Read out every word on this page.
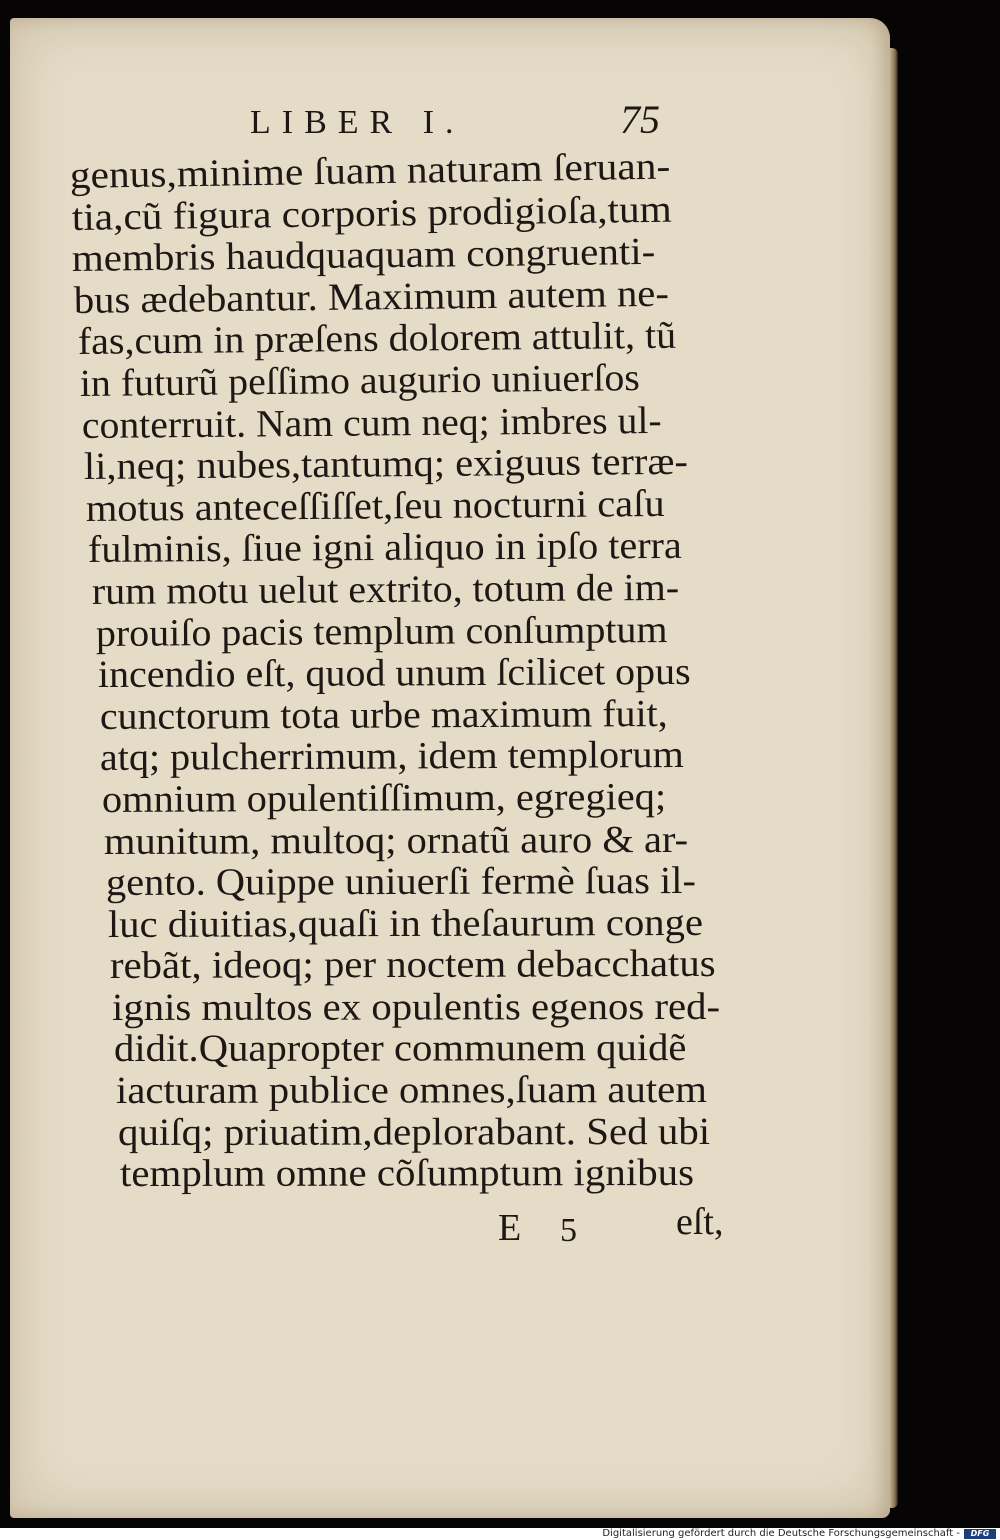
LIBER I.	75
genus,minime ſuam naturam ſeruan-
tia,cũ figura corporis prodigioſa,tum
membris haudquaquam congruenti-
bus ædebantur. Maximum autem ne-
fas,cum in præſens dolorem attulit, tũ
in futurũ peſſimo augurio uniuerſos
conterruit. Nam cum neq; imbres ul-
li,neq; nubes,tantumq; exiguus terræ-
motus anteceſſiſſet,ſeu nocturni caſu
fulminis, ſiue igni aliquo in ipſo terra
rum motu uelut extrito, totum de im-
prouiſo pacis templum conſumptum
incendio eſt, quod unum ſcilicet opus
cunctorum tota urbe maximum fuit,
atq; pulcherrimum, idem templorum
omnium opulentiſſimum, egregieq;
munitum, multoq; ornatũ auro & ar-
gento. Quippe uniuerſi fermè ſuas il-
luc diuitias,quaſi in theſaurum conge
rebãt, ideoq; per noctem debacchatus
ignis multos ex opulentis egenos red-
didit.Quapropter communem quidẽ
iacturam publice omnes,ſuam autem
quiſq; priuatim,deplorabant. Sed ubi
templum omne cõſumptum ignibus
E 5	eſt,
Digitalisierung gefördert durch die Deutsche Forschungsgemeinschaft -	DFG
